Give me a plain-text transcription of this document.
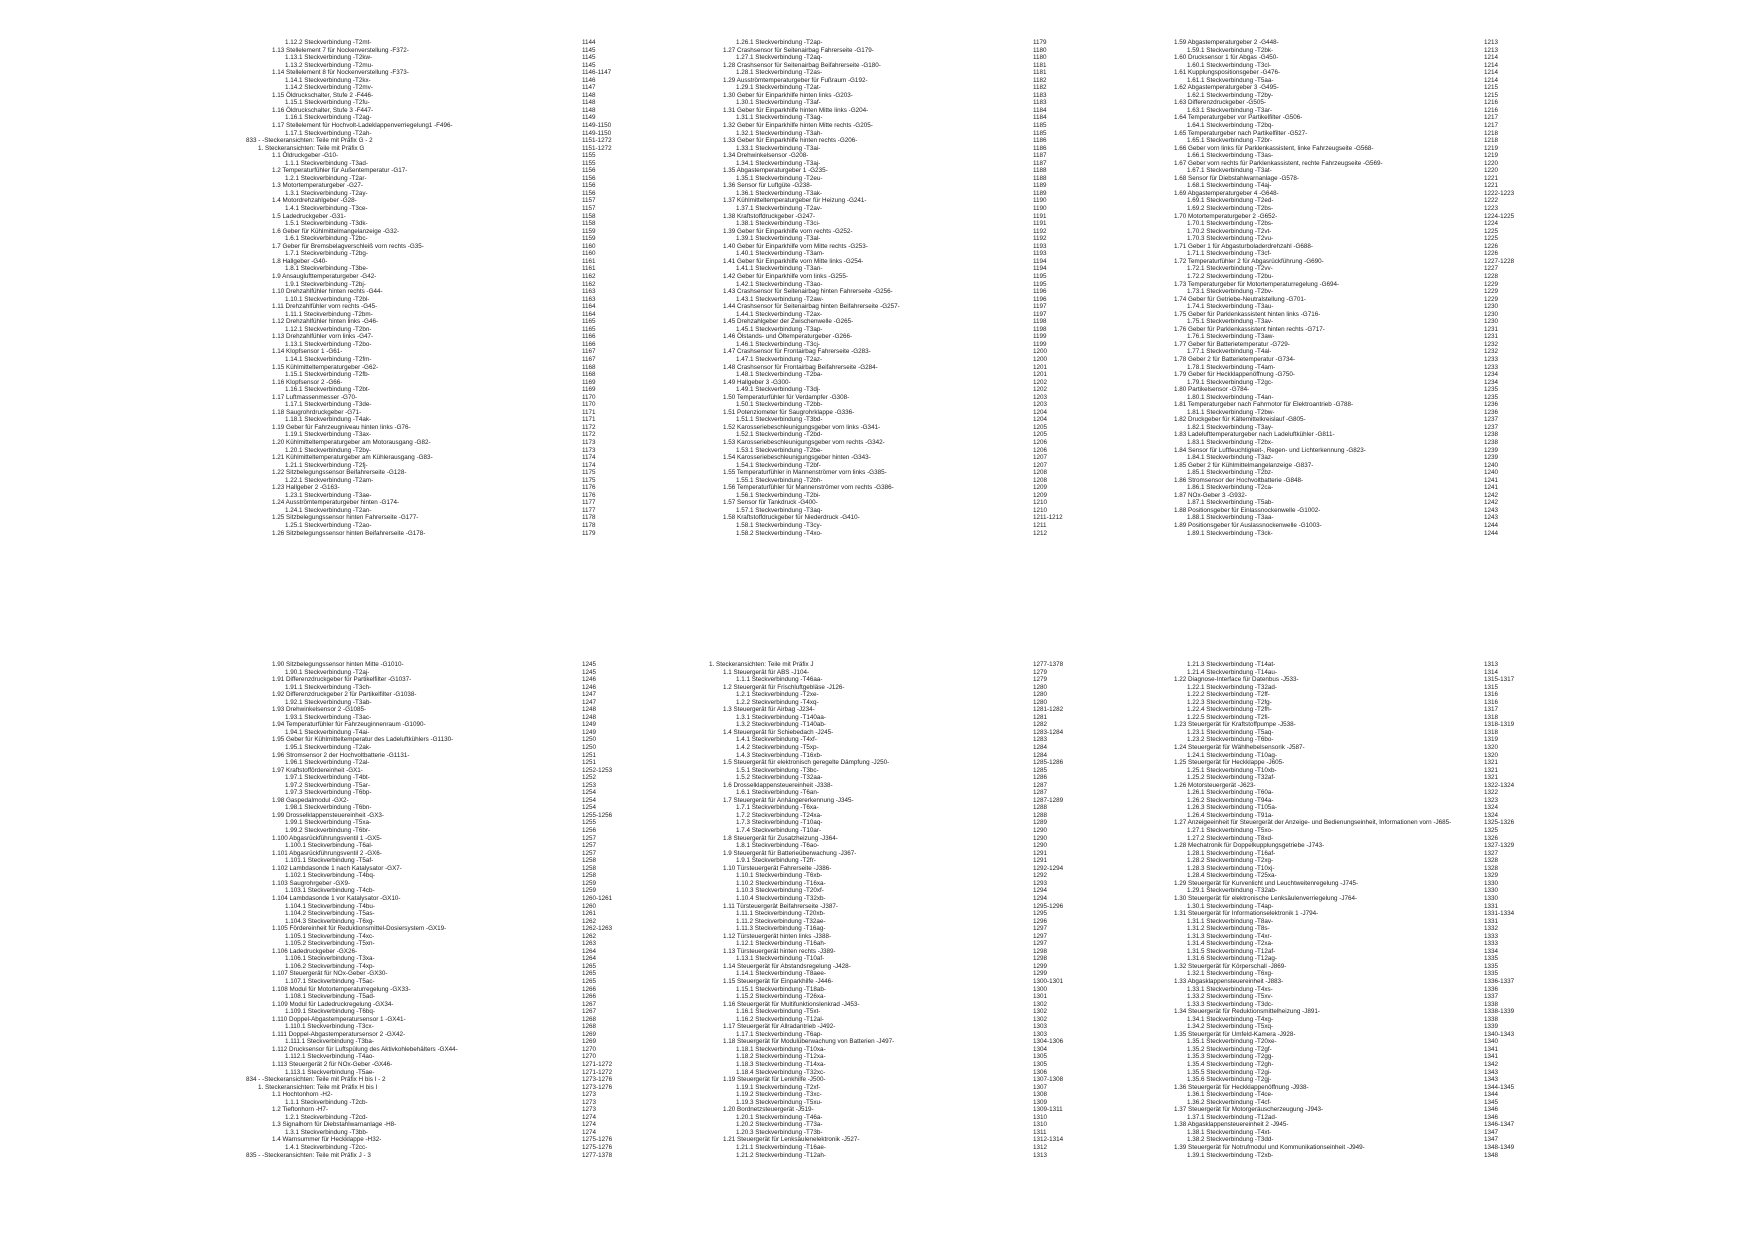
1.12.2 Steckverbindung -T2mt-	1144
1.13 Stellelement 7 für Nockenverstellung -F372-	1145
1.13.1 Steckverbindung -T2kw-	1145
1.13.2 Steckverbindung -T2mu-	1145
1.14 Stellelement 8 für Nockenverstellung -F373-	1146-1147
1.14.1 Steckverbindung -T2kx-	1146
1.14.2 Steckverbindung -T2mv-	1147
1.15 Öldruckschalter, Stufe 2 -F446-	1148
1.15.1 Steckverbindung -T2fu-	1148
1.16 Öldruckschalter, Stufe 3 -F447-	1148
1.16.1 Steckverbindung -T2ag-	1149
1.17 Stellelement für Hochvolt-Ladeklappenverriegelung1 -F496-	1149-1150
1.17.1 Steckverbindung -T2ah-	1149-1150
833 - -Steckeransichten: Teile mit Präfix G - 2	1151-1272
1. Steckeransichten: Teile mit Präfix G	1151-1272
1.1 Öldruckgeber -G10-	1155
1.1.1 Steckverbindung -T3ad-	1155
1.2 Temperaturfühler für Außentemperatur -G17-	1156
1.2.1 Steckverbindung -T2ar-	1156
1.3 Motortemperaturgeber -G27-	1156
1.3.1 Steckverbindung -T2ay-	1156
1.4 Motordrehzahlgeber -G28-	1157
1.4.1 Steckverbindung -T3ce-	1157
1.5 Ladedruckgeber -G31-	1158
1.5.1 Steckverbindung -T3dk-	1158
1.6 Geber für Kühlmittelmangelanzeige -G32-	1159
1.6.1 Steckverbindung -T2bc-	1159
1.7 Geber für Bremsbelagverschleiß vorn rechts -G35-	1160
1.7.1 Steckverbindung -T2bg-	1160
1.8 Hallgeber -G40-	1161
1.8.1 Steckverbindung -T3be-	1161
1.9 Ansauglufttemperaturgeber -G42-	1162
1.9.1 Steckverbindung -T2bj-	1162
1.10 Drehzahlfühler hinten rechts -G44-	1163
1.10.1 Steckverbindung -T2bl-	1163
1.11 Drehzahlfühler vorn rechts -G45-	1164
1.11.1 Steckverbindung -T2bm-	1164
1.12 Drehzahlfühler hinten links -G46-	1165
1.12.1 Steckverbindung -T2bn-	1165
1.13 Drehzahlfühler vorn links -G47-	1166
1.13.1 Steckverbindung -T2bo-	1166
1.14 Klopfsensor 1 -G61-	1167
1.14.1 Steckverbindung -T2fm-	1167
1.15 Kühlmitteltemperaturgeber -G62-	1168
1.15.1 Steckverbindung -T2fb-	1168
1.16 Klopfsensor 2 -G66-	1169
1.16.1 Steckverbindung -T2bt-	1169
1.17 Luftmassenmesser -G70-	1170
1.17.1 Steckverbindung -T3de-	1170
1.18 Saugrohrdruckgeber -G71-	1171
1.18.1 Steckverbindung -T4ak-	1171
1.19 Geber für Fahrzeugniveau hinten links -G76-	1172
1.19.1 Steckverbindung -T3ax-	1172
1.20 Kühlmitteltemperaturgeber am Motorausgang -G82-	1173
1.20.1 Steckverbindung -T2by-	1173
1.21 Kühlmitteltemperaturgeber am Kühlerausgang -G83-	1174
1.21.1 Steckverbindung -T2fj-	1174
1.22 Sitzbelegungssensor Beifahrerseite -G128-	1175
1.22.1 Steckverbindung -T2am-	1175
1.23 Hallgeber 2 -G163-	1176
1.23.1 Steckverbindung -T3ae-	1176
1.24 Ausströmtemperaturgeber hinten -G174-	1177
1.24.1 Steckverbindung -T2an-	1177
1.25 Sitzbelegungssensor hinten Fahrerseite -G177-	1178
1.25.1 Steckverbindung -T2ao-	1178
1.26 Sitzbelegungssensor hinten Beifahrerseite -G178-	1179
1.26.1 Steckverbindung -T2ap-	1179
1.27 Crashsensor für Seitenairbag Fahrerseite -G179-	1180
1.27.1 Steckverbindung -T2aq-	1180
1.28 Crashsensor für Seitenairbag Beifahrerseite -G180-	1181
1.28.1 Steckverbindung -T2as-	1181
1.29 Ausströmtemperaturgeber für Fußraum -G192-	1182
1.29.1 Steckverbindung -T2at-	1182
1.30 Geber für Einparkhilfe hinten links -G203-	1183
1.30.1 Steckverbindung -T3af-	1183
1.31 Geber für Einparkhilfe hinten Mitte links -G204-	1184
1.31.1 Steckverbindung -T3ag-	1184
1.32 Geber für Einparkhilfe hinten Mitte rechts -G205-	1185
1.32.1 Steckverbindung -T3ah-	1185
1.33 Geber für Einparkhilfe hinten rechts -G206-	1186
1.33.1 Steckverbindung -T3ai-	1186
1.34 Drehwinkelsensor -G208-	1187
1.34.1 Steckverbindung -T3aj-	1187
1.35 Abgastemperaturgeber 1 -G235-	1188
1.35.1 Steckverbindung -T2eu-	1188
1.36 Sensor für Luftgüte -G238-	1189
1.36.1 Steckverbindung -T3ak-	1189
1.37 Kühlmitteltemperaturgeber für Heizung -G241-	1190
1.37.1 Steckverbindung -T2av-	1190
1.38 Kraftstoffdruckgeber -G247-	1191
1.38.1 Steckverbindung -T3ci-	1191
1.39 Geber für Einparkhilfe vorn rechts -G252-	1192
1.39.1 Steckverbindung -T3al-	1192
1.40 Geber für Einparkhilfe vorn Mitte rechts -G253-	1193
1.40.1 Steckverbindung -T3am-	1193
1.41 Geber für Einparkhilfe vorn Mitte links -G254-	1194
1.41.1 Steckverbindung -T3an-	1194
1.42 Geber für Einparkhilfe vorn links -G255-	1195
1.42.1 Steckverbindung -T3ao-	1195
1.43 Crashsensor für Seitenairbag hinten Fahrerseite -G256-	1196
1.43.1 Steckverbindung -T2aw-	1196
1.44 Crashsensor für Seitenairbag hinten Beifahrerseite -G257-	1197
1.44.1 Steckverbindung -T2ax-	1197
1.45 Drehzahlgeber der Zwischenwelle -G265-	1198
1.45.1 Steckverbindung -T3ap-	1198
1.46 Ölstands- und Öltemperaturgeber -G266-	1199
1.46.1 Steckverbindung -T3cj-	1199
1.47 Crashsensor für Frontairbag Fahrerseite -G283-	1200
1.47.1 Steckverbindung -T2az-	1200
1.48 Crashsensor für Frontairbag Beifahrerseite -G284-	1201
1.48.1 Steckverbindung -T2ba-	1201
1.49 Hallgeber 3 -G300-	1202
1.49.1 Steckverbindung -T3dj-	1202
1.50 Temperaturfühler für Verdampfer -G308-	1203
1.50.1 Steckverbindung -T2bb-	1203
1.51 Potenziometer für Saugrohrklappe -G336-	1204
1.51.1 Steckverbindung -T3bd-	1204
1.52 Karosseriebeschleunigungsgeber vorn links -G341-	1205
1.52.1 Steckverbindung -T2bd-	1205
1.53 Karosseriebeschleunigungsgeber vorn rechts -G342-	1206
1.53.1 Steckverbindung -T2be-	1206
1.54 Karosseriebeschleunigungsgeber hinten -G343-	1207
1.54.1 Steckverbindung -T2bf-	1207
1.55 Temperaturfühler in Mannenströmer vorn links -G385-	1208
1.55.1 Steckverbindung -T2bh-	1208
1.56 Temperaturfühler für Mannenströmer vorn rechts -G386-	1209
1.56.1 Steckverbindung -T2bi-	1209
1.57 Sensor für Tankdruck -G400-	1210
1.57.1 Steckverbindung -T3aq-	1210
1.58 Kraftstoffdruckgeber für Niederdruck -G410-	1211-1212
1.58.1 Steckverbindung -T3cy-	1211
1.58.2 Steckverbindung -T4xo-	1212
1.59 Abgastemperaturgeber 2 -G448-	1213
1.59.1 Steckverbindung -T2bk-	1213
1.60 Drucksensor 1 für Abgas -G450-	1214
1.60.1 Steckverbindung -T3cl-	1214
1.61 Kupplungspositionsgeber -G476-	1214
1.61.1 Steckverbindung -T5aa-	1214
1.62 Abgastemperaturgeber 3 -G495-	1215
1.62.1 Steckverbindung -T2by-	1215
1.63 Differenzdruckgeber -G505-	1216
1.63.1 Steckverbindung -T3ar-	1216
1.64 Temperaturgeber vor Partikelfilter -G506-	1217
1.64.1 Steckverbindung -T2bq-	1217
1.65 Temperaturgeber nach Partikelfilter -G527-	1218
1.65.1 Steckverbindung -T2br-	1218
1.66 Geber vorn links für Parklenkassistent, linke Fahrzeugseite -G568-	1219
1.66.1 Steckverbindung -T3as-	1219
1.67 Geber vorn rechts für Parklenkassistent, rechte Fahrzeugseite -G569-	1220
1.67.1 Steckverbindung -T3at-	1220
1.68 Sensor für Diebstahlwarnanlage -G578-	1221
1.68.1 Steckverbindung -T4aj-	1221
1.69 Abgastemperaturgeber 4 -G648-	1222-1223
1.69.1 Steckverbindung -T2ed-	1222
1.69.2 Steckverbindung -T2bs-	1223
1.70 Motortemperaturgeber 2 -G652-	1224-1225
1.70.1 Steckverbindung -T2bs-	1224
1.70.2 Steckverbindung -T2vt-	1225
1.70.3 Steckverbindung -T2vu-	1225
1.71 Geber 1 für Abgasturboladerdrehzahl -G688-	1226
1.71.1 Steckverbindung -T3cf-	1226
1.72 Temperaturfühler 2 für Abgasrückführung -G690-	1227-1228
1.72.1 Steckverbindung -T2vv-	1227
1.72.2 Steckverbindung -T2bu-	1228
1.73 Temperaturgeber für Motortemperaturregelung -G694-	1229
1.73.1 Steckverbindung -T2bv-	1229
1.74 Geber für Getriebe-Neutralstellung -G701-	1229
1.74.1 Steckverbindung -T3au-	1230
1.75 Geber für Parklenkassistent hinten links -G716-	1230
1.75.1 Steckverbindung -T3av-	1230
1.76 Geber für Parklenkassistent hinten rechts -G717-	1231
1.76.1 Steckverbindung -T3aw-	1231
1.77 Geber für Batterietemperatur -G729-	1232
1.77.1 Steckverbindung -T4al-	1232
1.78 Geber 2 für Batterietemperatur -G734-	1233
1.78.1 Steckverbindung -T4am-	1233
1.79 Geber für Heckklappenöffnung -G750-	1234
1.79.1 Steckverbindung -T2gc-	1234
1.80 Partikelsensor -G784-	1235
1.80.1 Steckverbindung -T4an-	1235
1.81 Temperaturgeber nach Fahrmotor für Elektroantrieb -G788-	1236
1.81.1 Steckverbindung -T2bw-	1236
1.82 Druckgeber für Kältemittelkreislauf -G805-	1237
1.82.1 Steckverbindung -T3ay-	1237
1.83 Ladelufttemperaturgeber nach Ladeluftkühler -G811-	1238
1.83.1 Steckverbindung -T2bx-	1238
1.84 Sensor für Luftfeuchtigkeit-, Regen- und Lichterkennung -G823-	1239
1.84.1 Steckverbindung -T3az-	1239
1.85 Geber 2 für Kühlmittelmangelanzeige -G837-	1240
1.85.1 Steckverbindung -T2bz-	1240
1.86 Stromsensor der Hochvoltbatterie -G848-	1241
1.86.1 Steckverbindung -T2ca-	1241
1.87 NOx-Geber 3 -G932-	1242
1.87.1 Steckverbindung -T5ab-	1242
1.88 Positionsgeber für Einlassnockenwelle -G1002-	1243
1.88.1 Steckverbindung -T3aa-	1243
1.89 Positionsgeber für Auslassnockenwelle -G1003-	1244
1.89.1 Steckverbindung -T3ck-	1244
1.90 Sitzbelegungssensor hinten Mitte -G1010-	1245
1.90.1 Steckverbindung -T2aj-	1245
1.91 Differenzdruckgeber für Partikelfilter -G1037-	1246
1.91.1 Steckverbindung -T3ch-	1246
1.92 Differenzdruckgeber 2 für Partikelfilter -G1038-	1247
1.92.1 Steckverbindung -T3ab-	1247
1.93 Drehwinkelsensor 2 -G1085-	1248
1.93.1 Steckverbindung -T3ac-	1248
1.94 Temperaturfühler für Fahrzeuginnenraum -G1090-	1249
1.94.1 Steckverbindung -T4ai-	1249
1.95 Geber für Kühlmitteltemperatur des Ladeluftkühlers -G1130-	1250
1.95.1 Steckverbindung -T2ak-	1250
1.96 Stromsensor 2 der Hochvoltbatterie -G1131-	1251
1.96.1 Steckverbindung -T2al-	1251
1.97 Kraftstoffördereinheit -GX1-	1252-1253
1.97.1 Steckverbindung -T4bt-	1252
1.97.2 Steckverbindung -T5ar-	1253
1.97.3 Steckverbindung -T6bp-	1254
1.98 Gaspedalmodul -GX2-	1254
1.98.1 Steckverbindung -T6bn-	1254
1.99 Drosselklappensteuereinheit -GX3-	1255-1256
1.99.1 Steckverbindung -T5xa-	1255
1.99.2 Steckverbindung -T6br-	1256
1.100 Abgasrückführungsventil 1 -GX5-	1257
1.100.1 Steckverbindung -T6al-	1257
1.101 Abgasrückführungsventil 2 -GX6-	1257
1.101.1 Steckverbindung -T5af-	1258
1.102 Lambdasonde 1 nach Katalysator -GX7-	1258
1.102.1 Steckverbindung -T4bq-	1258
1.103 Saugrohrgeber -GX9-	1259
1.103.1 Steckverbindung -T4cb-	1259
1.104 Lambdasonde 1 vor Katalysator -GX10-	1260-1261
1.104.1 Steckverbindung -T4bu-	1260
1.104.2 Steckverbindung -T5as-	1261
1.104.3 Steckverbindung -T6xg-	1262
1.105 Fördereinheit für Reduktionsmittel-Dosiersystem -GX19-	1262-1263
1.105.1 Steckverbindung -T4xc-	1262
1.105.2 Steckverbindung -T5xn-	1263
1.106 Ladedruckgeber -GX26-	1264
1.106.1 Steckverbindung -T3xa-	1264
1.106.2 Steckverbindung -T4xp-	1265
1.107 Steuergerät für NOx-Geber -GX30-	1265
1.107.1 Steckverbindung -T5ac-	1265
1.108 Modul für Motortemperaturregelung -GX33-	1266
1.108.1 Steckverbindung -T5ad-	1266
1.109 Modul für Ladedruckregelung -GX34-	1267
1.109.1 Steckverbindung -T6bq-	1267
1.110 Doppel-Abgastemperatursensor 1 -GX41-	1268
1.110.1 Steckverbindung -T3cx-	1268
1.111 Doppel-Abgastemperatursensor 2 -GX42-	1269
1.111.1 Steckverbindung -T3ba-	1269
1.112 Drucksensor für Luftspülung des Aktivkohlebehälters -GX44-	1270
1.112.1 Steckverbindung -T4ao-	1270
1.113 Steuergerät 2 für NOx-Geber -GX46-	1271-1272
1.113.1 Steckverbindung -T5ae-	1271-1272
834 - -Steckeransichten: Teile mit Präfix H bis I - 2	1273-1276
1. Steckeransichten: Teile mit Präfix H bis I	1273-1276
1.1 Hochtonhorn -H2-	1273
1.1.1 Steckverbindung -T2cb-	1273
1.2 Tieftonhorn -H7-	1273
1.2.1 Steckverbindung -T2cd-	1274
1.3 Signalhorn für Diebstahlwarnanlage -H8-	1274
1.3.1 Steckverbindung -T3bb-	1274
1.4 Warnsummer für Heckklappe -H32-	1275-1276
1.4.1 Steckverbindung -T2cc-	1275-1276
835 - -Steckeransichten: Teile mit Präfix J - 3	1277-1378
1. Steckeransichten: Teile mit Präfix J	1277-1378
1.1 Steuergerät für ABS -J104-	1279
1.1.1 Steckverbindung -T46aa-	1279
1.2 Steuergerät für Frischluftgebläse -J126-	1280
1.2.1 Steckverbindung -T2xe-	1280
1.2.2 Steckverbindung -T4xq-	1280
1.3 Steuergerät für Airbag -J234-	1281-1282
1.3.1 Steckverbindung -T140aa-	1281
1.3.2 Steckverbindung -T140ab-	1282
1.4 Steuergerät für Schiebedach -J245-	1283-1284
1.4.1 Steckverbindung -T4xf-	1283
1.4.2 Steckverbindung -T5xp-	1284
1.4.3 Steckverbindung -T16xb-	1284
1.5 Steuergerät für elektronisch geregelte Dämpfung -J250-	1285-1286
1.5.1 Steckverbindung -T3bc-	1285
1.5.2 Steckverbindung -T32aa-	1286
1.6 Drosselklappensteuereinheit -J338-	1287
1.6.1 Steckverbindung -T6an-	1287
1.7 Steuergerät für Anhängererkennung -J345-	1287-1289
1.7.1 Steckverbindung -T6xa-	1288
1.7.2 Steckverbindung -T24xa-	1288
1.7.3 Steckverbindung -T10aq-	1289
1.7.4 Steckverbindung -T10ar-	1290
1.8 Steuergerät für Zusatzheizung -J364-	1290
1.8.1 Steckverbindung -T6ao-	1290
1.9 Steuergerät für Batterieüberwachung -J367-	1291
1.9.1 Steckverbindung -T2fr-	1291
1.10 Türsteuergerät Fahrerseite -J386-	1292-1294
1.10.1 Steckverbindung -T6xb-	1292
1.10.2 Steckverbindung -T16xa-	1293
1.10.3 Steckverbindung -T20xf-	1294
1.10.4 Steckverbindung -T32xb-	1294
1.11 Türsteuergerät Beifahrerseite -J387-	1295-1296
1.11.1 Steckverbindung -T20xb-	1295
1.11.2 Steckverbindung -T32ae-	1296
1.11.3 Steckverbindung -T16ag-	1297
1.12 Türsteuergerät hinten links -J388-	1297
1.12.1 Steckverbindung -T16ah-	1297
1.13 Türsteuergerät hinten rechts -J389-	1298
1.13.1 Steckverbindung -T10af-	1298
1.14 Steuergerät für Abstandsregelung -J428-	1299
1.14.1 Steckverbindung -T8aee-	1299
1.15 Steuergerät für Einparkhilfe -J446-	1300-1301
1.15.1 Steckverbindung -T18ab-	1300
1.15.2 Steckverbindung -T26xa-	1301
1.16 Steuergerät für Multifunktionslenkrad -J453-	1302
1.16.1 Steckverbindung -T5xt-	1302
1.16.2 Steckverbindung -T12al-	1302
1.17 Steuergerät für Allradantrieb -J492-	1303
1.17.1 Steckverbindung -T6ap-	1303
1.18 Steuergerät für Modulüberwachung von Batterien -J497-	1304-1306
1.18.1 Steckverbindung -T10xa-	1304
1.18.2 Steckverbindung -T12xa-	1305
1.18.3 Steckverbindung -T14xa-	1305
1.18.4 Steckverbindung -T32xc-	1306
1.19 Steuergerät für Lenkhilfe -J500-	1307-1308
1.19.1 Steckverbindung -T2xf-	1307
1.19.2 Steckverbindung -T3xc-	1308
1.19.3 Steckverbindung -T5xu-	1309
1.20 Bordnetzsteuergerät -J519-	1309-1311
1.20.1 Steckverbindung -T46a-	1310
1.20.2 Steckverbindung -T73a-	1310
1.20.3 Steckverbindung -T73b-	1311
1.21 Steuergerät für Lenksäulenelektronik -J527-	1312-1314
1.21.1 Steckverbindung -T16ae-	1312
1.21.2 Steckverbindung -T12ah-	1313
1.21.3 Steckverbindung -T14at-	1313
1.21.4 Steckverbindung -T14au-	1314
1.22 Diagnose-Interface für Datenbus -J533-	1315-1317
1.22.1 Steckverbindung -T32ad-	1315
1.22.2 Steckverbindung -T2ff-	1316
1.22.3 Steckverbindung -T2fg-	1316
1.22.4 Steckverbindung -T2fh-	1317
1.22.5 Steckverbindung -T2fi-	1318
1.23 Steuergerät für Kraftstoffpumpe -J538-	1318-1319
1.23.1 Steckverbindung -T5aq-	1318
1.23.2 Steckverbindung -T6bo-	1319
1.24 Steuergerät für Wählhebelsensorik -J587-	1320
1.24.1 Steckverbindung -T10ag-	1320
1.25 Steuergerät für Heckklappe -J605-	1321
1.25.1 Steckverbindung -T10xb-	1321
1.25.2 Steckverbindung -T32af-	1321
1.26 Motorsteuergerät -J623-	1322-1324
1.26.1 Steckverbindung -T60a-	1322
1.26.2 Steckverbindung -T94a-	1323
1.26.3 Steckverbindung -T105a-	1324
1.26.4 Steckverbindung -T91a-	1324
1.27 Anzeigeeinheit für Steuergerät der Anzeige- und Bedienungseinheit, Informationen vorn -J685-	1325-1326
1.27.1 Steckverbindung -T5xo-	1325
1.27.2 Steckverbindung -T8xd-	1326
1.28 Mechatronik für Doppelkupplungsgetriebe -J743-	1327-1329
1.28.1 Steckverbindung -T16af-	1327
1.28.2 Steckverbindung -T2xg-	1328
1.28.3 Steckverbindung -T10xj-	1328
1.28.4 Steckverbindung -T25xa-	1329
1.29 Steuergerät für Kurvenlicht und Leuchtweitenregelung -J745-	1330
1.29.1 Steckverbindung -T32ab-	1330
1.30 Steuergerät für elektronische Lenksäulenverriegelung -J764-	1330
1.30.1 Steckverbindung -T4ap-	1331
1.31 Steuergerät für Informationselektronik 1 -J794-	1331-1334
1.31.1 Steckverbindung -T8av-	1331
1.31.2 Steckverbindung -T8s-	1332
1.31.3 Steckverbindung -T4xr-	1333
1.31.4 Steckverbindung -T2xa-	1333
1.31.5 Steckverbindung -T12af-	1334
1.31.6 Steckverbindung -T12ag-	1335
1.32 Steuergerät für Körperschall -J869-	1335
1.32.1 Steckverbindung -T6xg-	1335
1.33 Abgasklappensteuereinheit -J883-	1336-1337
1.33.1 Steckverbindung -T4xs-	1336
1.33.2 Steckverbindung -T5xv-	1337
1.33.3 Steckverbindung -T3dc-	1338
1.34 Steuergerät für Reduktionsmittelheizung -J891-	1338-1339
1.34.1 Steckverbindung -T4xg-	1338
1.34.2 Steckverbindung -T5xq-	1339
1.35 Steuergerät für Umfeld-Kamera -J928-	1340-1343
1.35.1 Steckverbindung -T20xe-	1340
1.35.2 Steckverbindung -T2gf-	1341
1.35.3 Steckverbindung -T2gg-	1341
1.35.4 Steckverbindung -T2gh-	1342
1.35.5 Steckverbindung -T2gi-	1343
1.35.6 Steckverbindung -T2gj-	1343
1.36 Steuergerät für Heckklappenöffnung -J938-	1344-1345
1.36.1 Steckverbindung -T4ce-	1344
1.36.2 Steckverbindung -T4cf-	1345
1.37 Steuergerät für Motorgeräuscherzeugung -J943-	1346
1.37.1 Steckverbindung -T12ad-	1346
1.38 Abgasklappensteuereinheit 2 -J945-	1346-1347
1.38.1 Steckverbindung -T4xt-	1347
1.38.2 Steckverbindung -T3dd-	1347
1.39 Steuergerät für Notrufmodul und Kommunikationseinheit -J949-	1348-1349
1.39.1 Steckverbindung -T2xb-	1348
